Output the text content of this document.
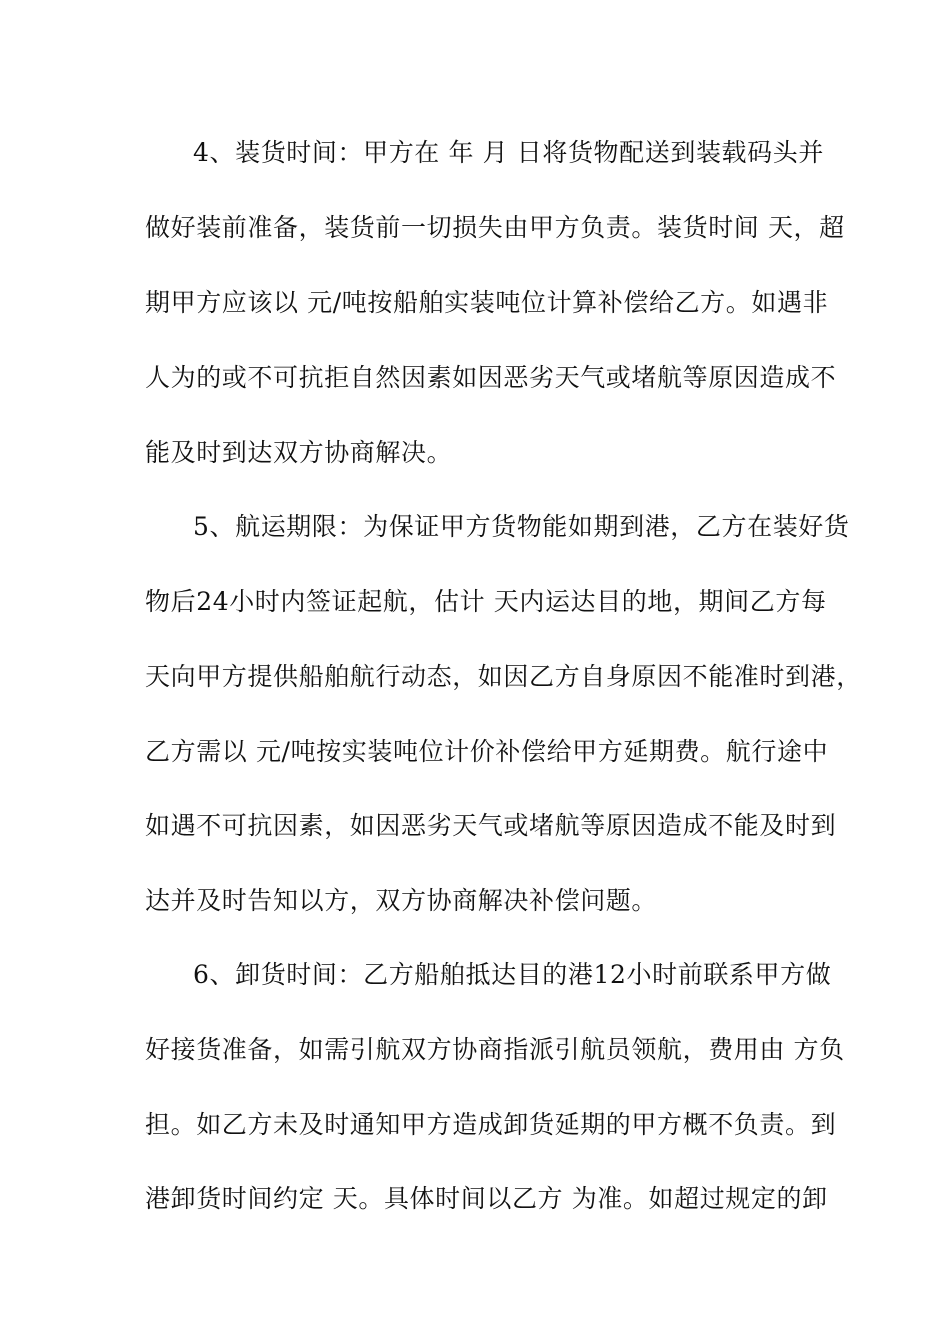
4、装货时间：甲方在 年 月 日将货物配送到装载码头并
做好装前准备，装货前一切损失由甲方负责。装货时间 天，超
期甲方应该以 元/吨按船舶实装吨位计算补偿给乙方。如遇非
人为的或不可抗拒自然因素如因恶劣天气或堵航等原因造成不
能及时到达双方协商解决。
5、航运期限：为保证甲方货物能如期到港，乙方在装好货
物后24小时内签证起航，估计 天内运达目的地，期间乙方每
天向甲方提供船舶航行动态，如因乙方自身原因不能准时到港，
乙方需以 元/吨按实装吨位计价补偿给甲方延期费。航行途中
如遇不可抗因素，如因恶劣天气或堵航等原因造成不能及时到
达并及时告知以方，双方协商解决补偿问题。
6、卸货时间：乙方船舶抵达目的港12小时前联系甲方做
好接货准备，如需引航双方协商指派引航员领航，费用由 方负
担。如乙方未及时通知甲方造成卸货延期的甲方概不负责。到
港卸货时间约定 天。具体时间以乙方 为准。如超过规定的卸
